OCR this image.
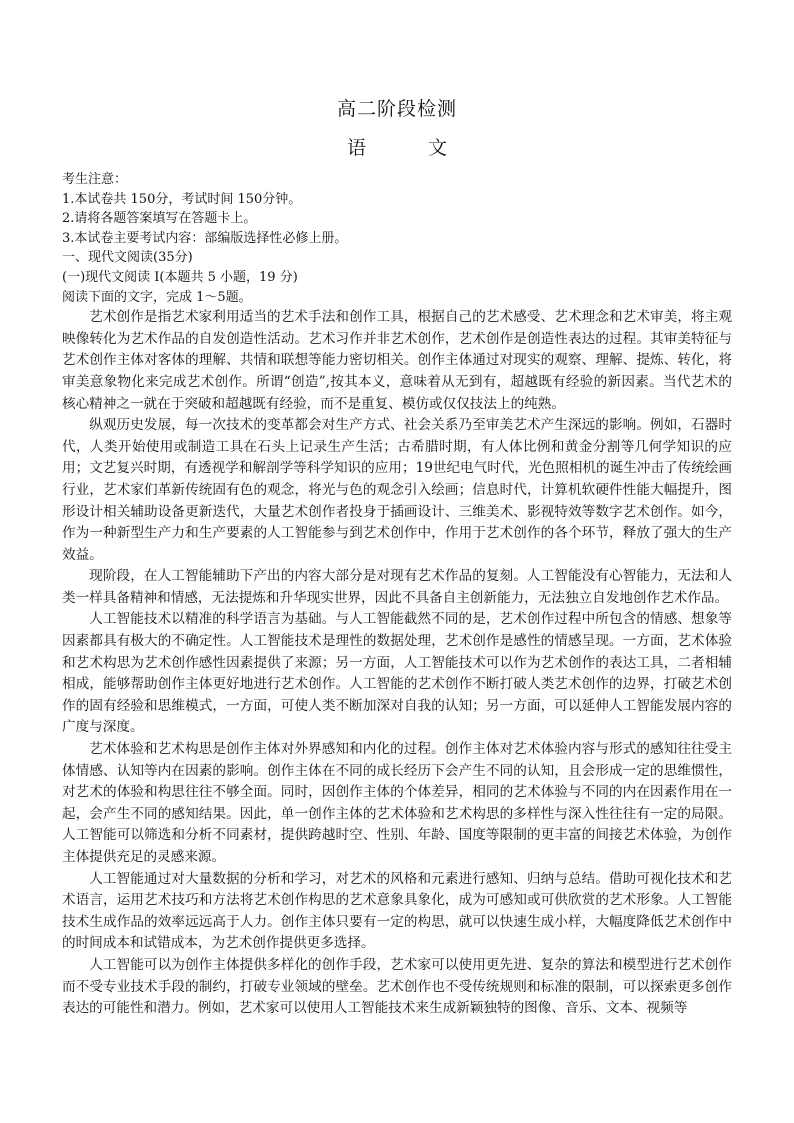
高二阶段检测
语	文
考生注意：
1.本试卷共 150分，考试时间 150分钟。
2.请将各题答案填写在答题卡上。
3.本试卷主要考试内容：部编版选择性必修上册。
一、现代文阅读(35分)
(一)现代文阅读 I(本题共 5 小题，19 分)
阅读下面的文字，完成 1～5题。

艺术创作是指艺术家利用适当的艺术手法和创作工具，根据自己的艺术感受、艺术理念和艺术审美，将主观映像转化为艺术作品的自发创造性活动。艺术习作并非艺术创作，艺术创作是创造性表达的过程。其审美特征与艺术创作主体对客体的理解、共情和联想等能力密切相关。创作主体通过对现实的观察、理解、提炼、转化，将审美意象物化来完成艺术创作。所谓“创造”,按其本义，意味着从无到有，超越既有经验的新因素。当代艺术的核心精神之一就在于突破和超越既有经验，而不是重复、模仿或仅仅技法上的纯熟。

纵观历史发展，每一次技术的变革都会对生产方式、社会关系乃至审美艺术产生深远的影响。例如，石器时代，人类开始使用或制造工具在石头上记录生产生活；古希腊时期，有人体比例和黄金分割等几何学知识的应用；文艺复兴时期，有透视学和解剖学等科学知识的应用；19世纪电气时代，光色照相机的诞生冲击了传统绘画行业，艺术家们革新传统固有色的观念，将光与色的观念引入绘画；信息时代，计算机软硬件性能大幅提升，图形设计相关辅助设备更新迭代，大量艺术创作者投身于插画设计、三维美术、影视特效等数字艺术创作。如今，作为一种新型生产力和生产要素的人工智能参与到艺术创作中，作用于艺术创作的各个环节，释放了强大的生产效益。

现阶段，在人工智能辅助下产出的内容大部分是对现有艺术作品的复刻。人工智能没有心智能力，无法和人类一样具备精神和情感，无法提炼和升华现实世界，因此不具备自主创新能力，无法独立自发地创作艺术作品。

人工智能技术以精准的科学语言为基础。与人工智能截然不同的是，艺术创作过程中所包含的情感、想象等因素都具有极大的不确定性。人工智能技术是理性的数据处理，艺术创作是感性的情感呈现。一方面，艺术体验和艺术构思为艺术创作感性因素提供了来源；另一方面，人工智能技术可以作为艺术创作的表达工具，二者相辅相成，能够帮助创作主体更好地进行艺术创作。人工智能的艺术创作不断打破人类艺术创作的边界，打破艺术创作的固有经验和思维模式，一方面，可使人类不断加深对自我的认知；另一方面，可以延伸人工智能发展内容的广度与深度。

艺术体验和艺术构思是创作主体对外界感知和内化的过程。创作主体对艺术体验内容与形式的感知往往受主体情感、认知等内在因素的影响。创作主体在不同的成长经历下会产生不同的认知，且会形成一定的思维惯性，对艺术的体验和构思往往不够全面。同时，因创作主体的个体差异，相同的艺术体验与不同的内在因素作用在一起，会产生不同的感知结果。因此，单一创作主体的艺术体验和艺术构思的多样性与深入性往往有一定的局限。人工智能可以筛选和分析不同素材，提供跨越时空、性别、年龄、国度等限制的更丰富的间接艺术体验，为创作主体提供充足的灵感来源。

人工智能通过对大量数据的分析和学习，对艺术的风格和元素进行感知、归纳与总结。借助可视化技术和艺术语言，运用艺术技巧和方法将艺术创作构思的艺术意象具象化，成为可感知或可供欣赏的艺术形象。人工智能技术生成作品的效率远远高于人力。创作主体只要有一定的构思，就可以快速生成小样，大幅度降低艺术创作中的时间成本和试错成本，为艺术创作提供更多选择。

人工智能可以为创作主体提供多样化的创作手段，艺术家可以使用更先进、复杂的算法和模型进行艺术创作而不受专业技术手段的制约，打破专业领域的壁垒。艺术创作也不受传统规则和标准的限制，可以探索更多创作表达的可能性和潜力。例如，艺术家可以使用人工智能技术来生成新颖独特的图像、音乐、文本、视频等
